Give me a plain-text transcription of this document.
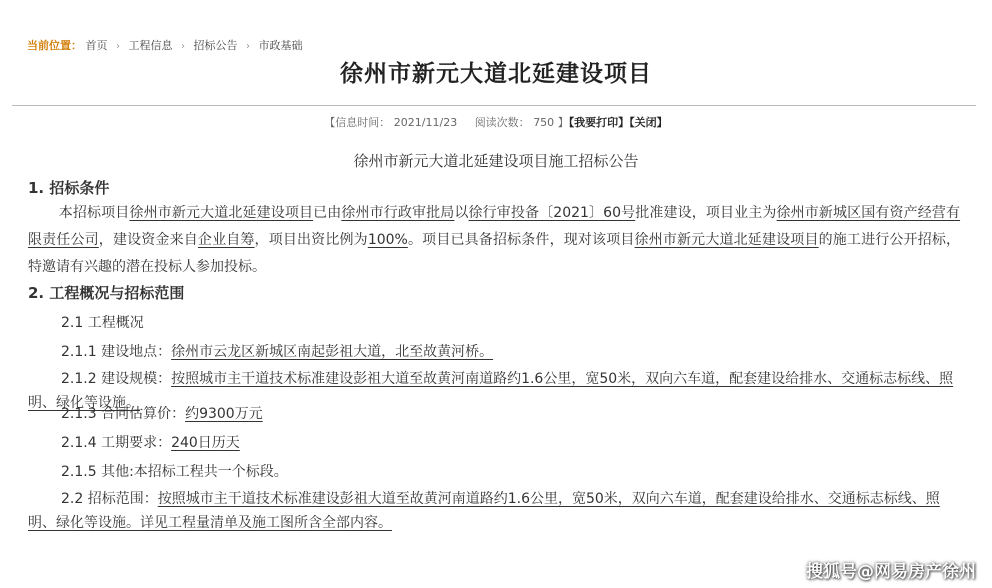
当前位置： 首页 › 工程信息 › 招标公告 › 市政基础
徐州市新元大道北延建设项目
【信息时间： 2021/11/23 阅读次数： 750 】【我要打印】【关闭】
徐州市新元大道北延建设项目施工招标公告
1. 招标条件
本招标项目徐州市新元大道北延建设项目已由徐州市行政审批局以徐行审投备〔2021〕60号批准建设，项目业主为徐州市新城区国有资产经营有限责任公司，建设资金来自企业自筹，项目出资比例为100%。项目已具备招标条件，现对该项目徐州市新元大道北延建设项目的施工进行公开招标，特邀请有兴趣的潜在投标人参加投标。
2. 工程概况与招标范围
2.1 工程概况
2.1.1 建设地点：徐州市云龙区新城区南起彭祖大道，北至故黄河桥。
2.1.2 建设规模：按照城市主干道技术标准建设彭祖大道至故黄河南道路约1.6公里，宽50米，双向六车道，配套建设给排水、交通标志标线、照明、绿化等设施。
2.1.3 合同估算价：约9300万元
2.1.4 工期要求：240日历天
2.1.5 其他:本招标工程共一个标段。
2.2 招标范围：按照城市主干道技术标准建设彭祖大道至故黄河南道路约1.6公里，宽50米，双向六车道，配套建设给排水、交通标志标线、照明、绿化等设施。详见工程量清单及施工图所含全部内容。
搜狐号@网易房产徐州
